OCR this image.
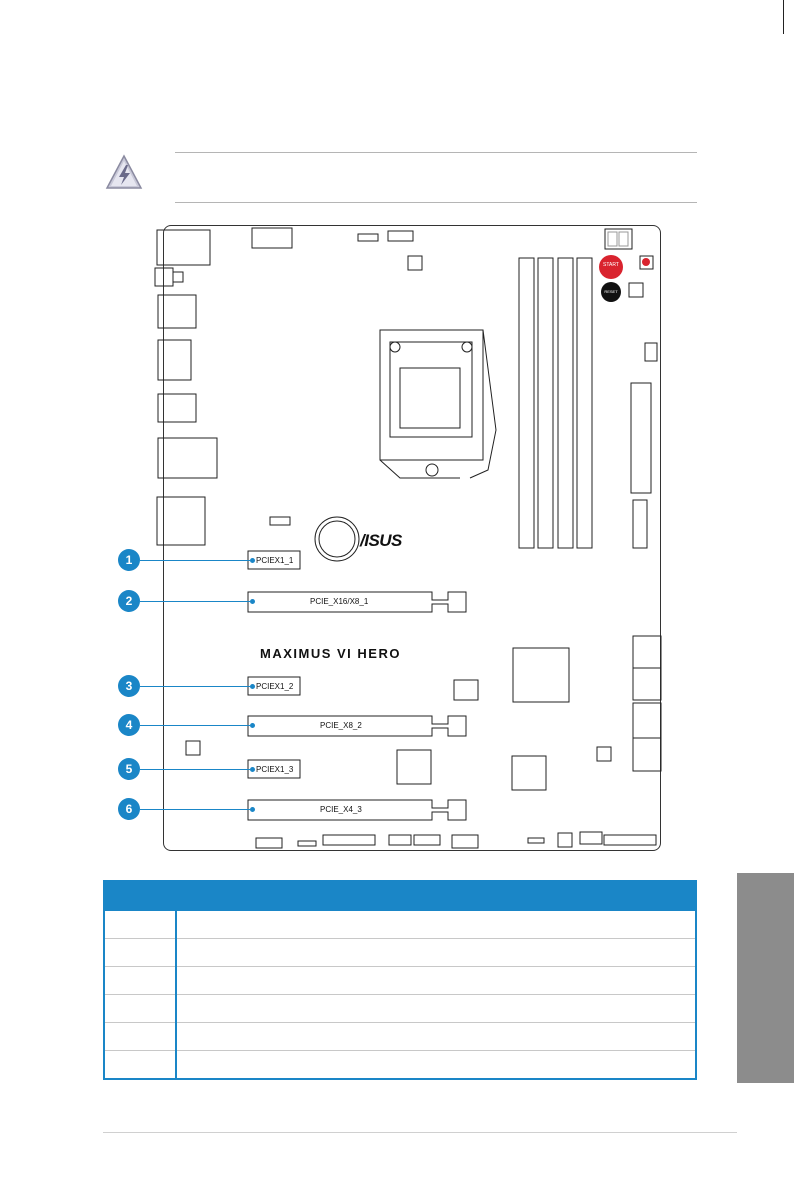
START
RESET
/ISUS
MAXIMUS VI HERO
PCIEX1_1
PCIE_X16/X8_1
PCIEX1_2
PCIE_X8_2
PCIEX1_3
PCIE_X4_3
1
2
3
4
5
6
